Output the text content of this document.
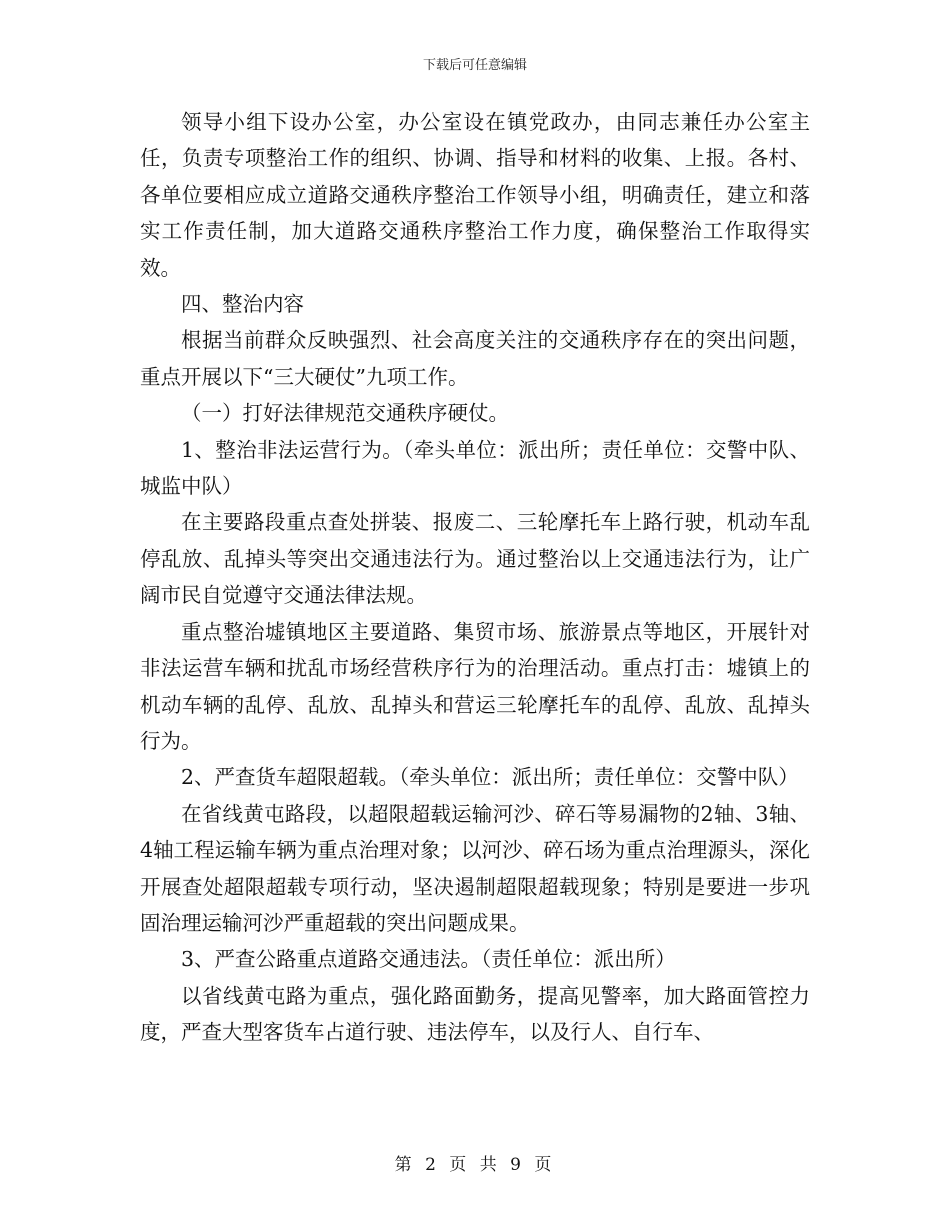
下载后可任意编辑

领导小组下设办公室，办公室设在镇党政办，由同志兼任办公室主任，负责专项整治工作的组织、协调、指导和材料的收集、上报。各村、各单位要相应成立道路交通秩序整治工作领导小组，明确责任，建立和落实工作责任制，加大道路交通秩序整治工作力度，确保整治工作取得实效。

四、整治内容

根据当前群众反映强烈、社会高度关注的交通秩序存在的突出问题，重点开展以下“三大硬仗”九项工作。

（一）打好法律规范交通秩序硬仗。

1、整治非法运营行为。（牵头单位：派出所；责任单位：交警中队、城监中队）

在主要路段重点查处拼装、报废二、三轮摩托车上路行驶，机动车乱停乱放、乱掉头等突出交通违法行为。通过整治以上交通违法行为，让广阔市民自觉遵守交通法律法规。

重点整治墟镇地区主要道路、集贸市场、旅游景点等地区，开展针对非法运营车辆和扰乱市场经营秩序行为的治理活动。重点打击：墟镇上的机动车辆的乱停、乱放、乱掉头和营运三轮摩托车的乱停、乱放、乱掉头行为。

2、严查货车超限超载。（牵头单位：派出所；责任单位：交警中队）

在省线黄屯路段，以超限超载运输河沙、碎石等易漏物的2轴、3轴、4轴工程运输车辆为重点治理对象；以河沙、碎石场为重点治理源头，深化开展查处超限超载专项行动，坚决遏制超限超载现象；特别是要进一步巩固治理运输河沙严重超载的突出问题成果。

3、严查公路重点道路交通违法。（责任单位：派出所）

以省线黄屯路为重点，强化路面勤务，提高见警率，加大路面管控力度，严查大型客货车占道行驶、违法停车，以及行人、自行车、

第 2 页 共 9 页
